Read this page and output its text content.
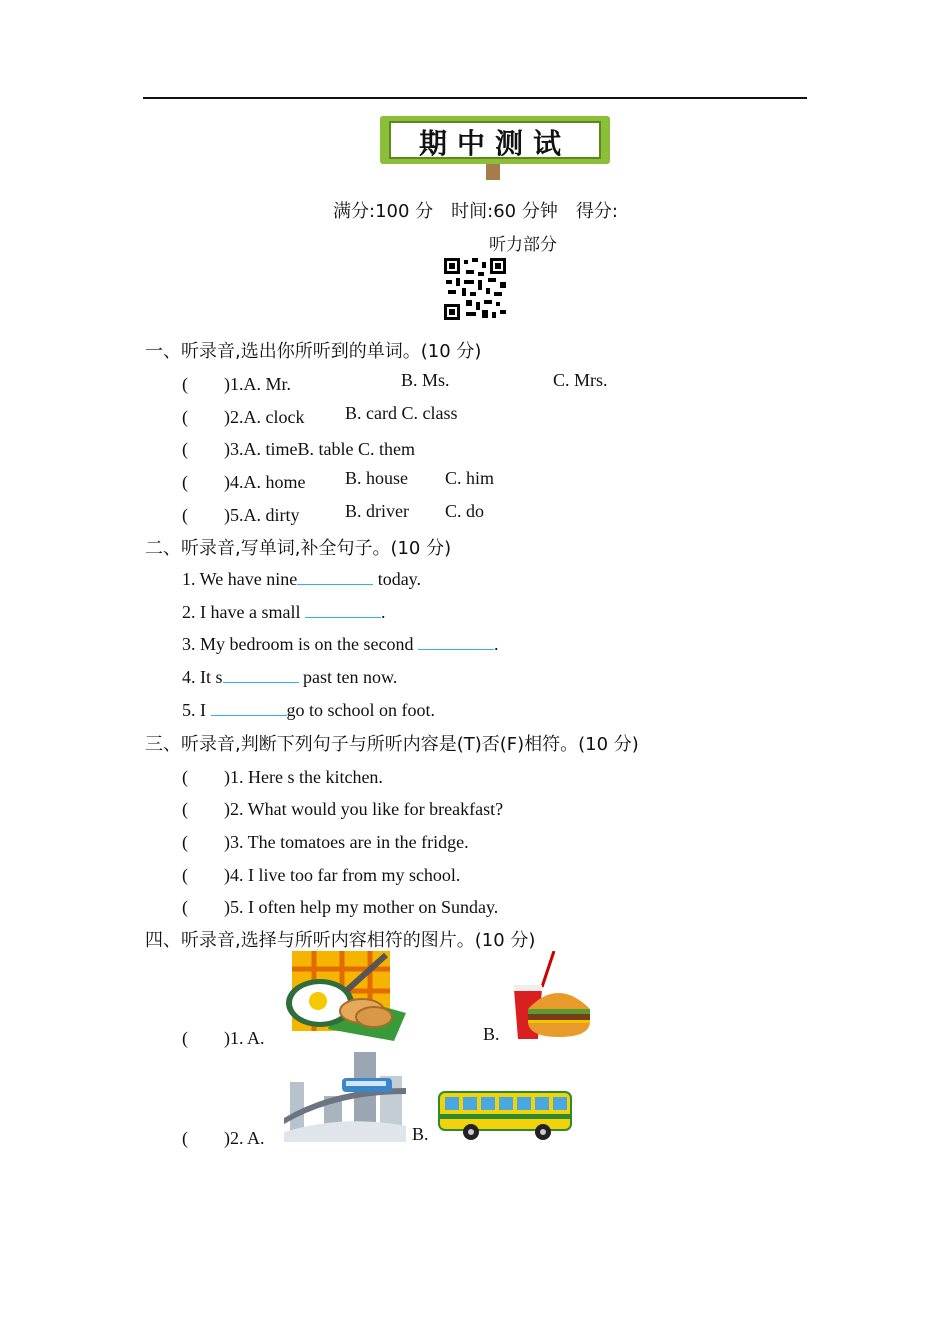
期中测试
满分:100 分　时间:60 分钟　得分:
听力部分
一、听录音,选出你所听到的单词。(10 分)
(　　)1.A. Mr.	B. Ms.	C. Mrs.
(　　)2.A. clock B. card C. class
(　　)3.A. timeB. table C. them
(　　)4.A. home B. house C. him
(　　)5.A. dirty	B. driver C. do
二、听录音,写单词,补全句子。(10 分)
1. We have nine	today.
2. I have a small	.
3. My bedroom is on the second	.
4. It s	past ten now.
5. I	go to school on foot.
三、听录音,判断下列句子与所听内容是(T)否(F)相符。(10 分)
(　　)1. Here s the kitchen.
(　　)2. What would you like for breakfast?
(　　)3. The tomatoes are in the fridge.
(　　)4. I live too far from my school.
(　　)5. I often help my mother on Sunday.
四、听录音,选择与所听内容相符的图片。(10 分)
(　　)1. A.	B.
(　　)2. A.	B.
